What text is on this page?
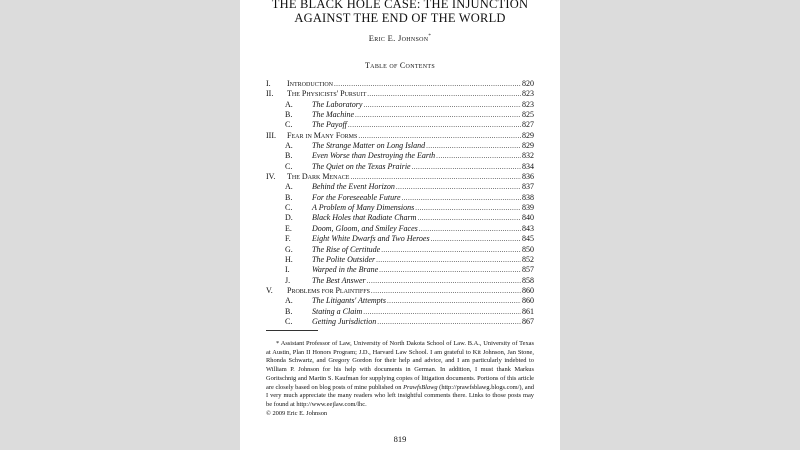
THE BLACK HOLE CASE: THE INJUNCTION
AGAINST THE END OF THE WORLD
Eric E. Johnson*
Table of Contents
I.	Introduction .....	820
II.	The Physicists' Pursuit .....	823
A.	The Laboratory .....	823
B.	The Machine .....	825
C.	The Payoff .....	827
III.	Fear in Many Forms .....	829
A.	The Strange Matter on Long Island .....	829
B.	Even Worse than Destroying the Earth .....	832
C.	The Quiet on the Texas Prairie .....	834
IV.	The Dark Menace .....	836
A.	Behind the Event Horizon .....	837
B.	For the Foreseeable Future .....	838
C.	A Problem of Many Dimensions .....	839
D.	Black Holes that Radiate Charm .....	840
E.	Doom, Gloom, and Smiley Faces .....	843
F.	Eight White Dwarfs and Two Heroes .....	845
G.	The Rise of Certitude .....	850
H.	The Polite Outsider .....	852
I.	Warped in the Brane .....	857
J.	The Best Answer .....	858
V.	Problems for Plaintiffs .....	860
A.	The Litigants' Attempts .....	860
B.	Stating a Claim .....	861
C.	Getting Jurisdiction .....	867

* Assistant Professor of Law, University of North Dakota School of Law. B.A., University of Texas at Austin, Plan II Honors Program; J.D., Harvard Law School. I am grateful to Kit Johnson, Jan Stone, Rhonda Schwartz, and Gregory Gordon for their help and advice, and I am particularly indebted to William P. Johnson for his help with documents in German. In addition, I must thank Markus Goritschnig and Martin S. Kaufman for supplying copies of litigation documents. Portions of this article are closely based on blog posts of mine published on PrawfsBlawg (http://prawfsblawg.blogs.com/), and I very much appreciate the many readers who left insightful comments there. Links to those posts may be found at http://www.eejlaw.com/lhc.

© 2009 Eric E. Johnson

819
